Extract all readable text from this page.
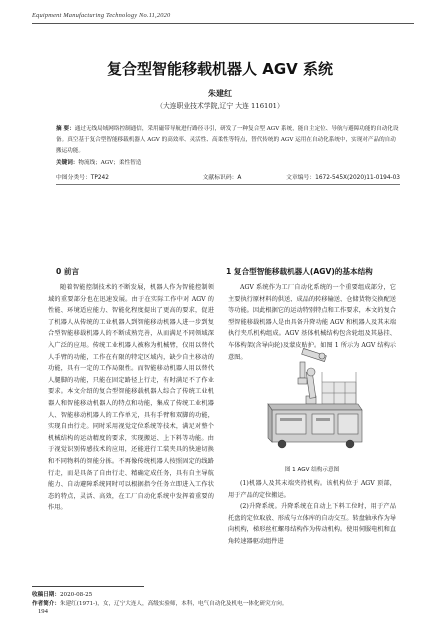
Equipment Manufacturing Technology No.11,2020
复合型智能移载机器人 AGV 系统
朱建红
（大连职业技术学院,辽宁 大连 116101）
摘 要：通过无线局域网络控制通信，采用磁带导航进行路径寻引，研发了一种复合型 AGV 系统，能自主定位、导航与避障功能的自动化设备。真空基于复合型智能移载机器人 AGV 的高效率、灵活性、高柔性等特点，替代传统的 AGV 运用在自动化系统中，实现对产品的自动搬运功能。
关键词：物流线；AGV；柔性智造
中图分类号：TP242	文献标识码：A	文章编号：1672-545X(2020)11-0194-03
0 前言

随着智能控制技术的不断发展，机器人作为智能控制领域的重要部分也在迅速发展。由于在实际工作中对 AGV 的性能、环境适应能力、智能化程度提出了更高的要求，促进了机器人从传统的工业机器人到智能移动机器人进一步到复合型智能移载机器人的不断成熟完善，从而满足不同领域深入广泛的应用。传统工业机器人被称为机械臂，仅用以替代人手臂的功能，工作在有限的特定区域内，缺少自主移动的功能，具有一定的工作局限性。而智能移动机器人用以替代人腿脚的功能，只能在固定路径上行走，有时满足不了作业要求。本文介绍的复合型智能移载机器人综合了传统工业机器人和智能移动机器人的特点和功能，集成了传统工业机器人、智能移动机器人的工作单元，具有手臂和双脚的功能，实现自由行走。同时采用视觉定位系统等技术，满足对整个机械结构的运动精度的要求，实现搬运、上下料等功能。由于视觉识别传感技术的应用，还能进行工装夹具的快速切换和不同物料的智能分拣。不再像传统机器人按照固定的线路行走，而是具备了自由行走、精确定成任务，具有自主导航能力、自动避障系统同时可以根据指令任务立即进入工作状态的特点，灵活、高效，在工厂自动化系统中发挥着重要的作用。

1 复合型智能移载机器人(AGV)的基本结构

AGV 系统作为工厂自动化系统的一个重要组成部分，它主要执行原材料的供送、成品的转移输送、仓储货物交换配送等功能。因此根据它的运动特别特点和工作要求，本文的复合型智能移载机器人是由具备升降功能 AGV 和机器人及其末端执行夹爪机构组成。AGV 基体机械结构包含轮组及其悬挂、车体构架(含导向轮)及蒙皮贴护。如图 1 所示为 AGV 结构示意图。

图 1 AGV 结构示意图

(1)机器人及其末端夹持机构。该机构位于 AGV 顶部，用于产品的定位搬运。

(2)升降系统。升降系统在自动上下料工位时，用于产品托盘的定位取放、形成与立体库的自动交互。转盘轴承作为导向机构，梯形丝杠螺母结构作为传动机构。使用伺服电机和直角转速器驱动组件进

收稿日期：2020-08-25
作者简介：朱建红(1971-)，女，辽宁大连人，高级实验师，本科，电气自动化及机电一体化研究方向。
194
